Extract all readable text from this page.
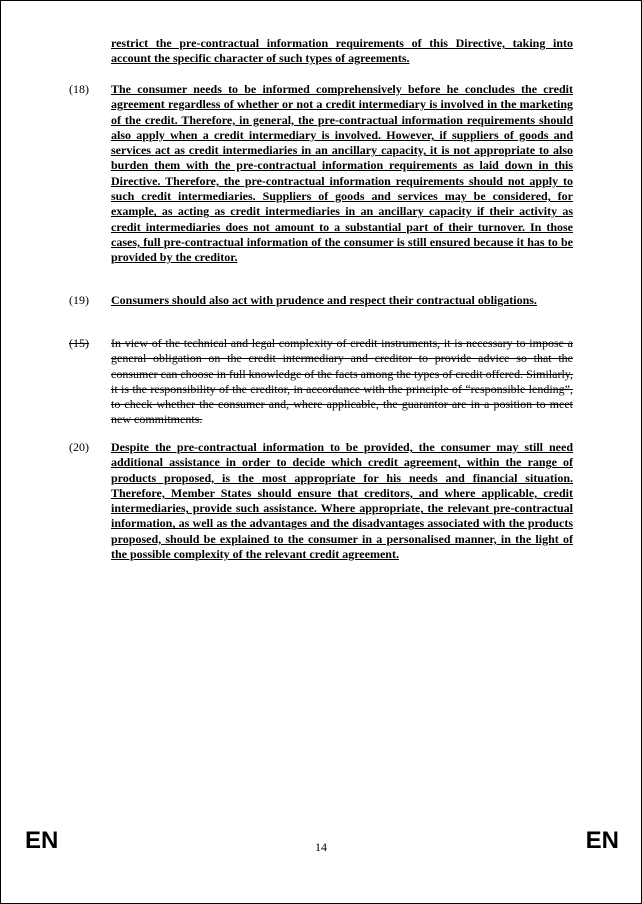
restrict the pre-contractual information requirements of this Directive, taking into account the specific character of such types of agreements.
(18) The consumer needs to be informed comprehensively before he concludes the credit agreement regardless of whether or not a credit intermediary is involved in the marketing of the credit. Therefore, in general, the pre-contractual information requirements should also apply when a credit intermediary is involved. However, if suppliers of goods and services act as credit intermediaries in an ancillary capacity, it is not appropriate to also burden them with the pre-contractual information requirements as laid down in this Directive. Therefore, the pre-contractual information requirements should not apply to such credit intermediaries. Suppliers of goods and services may be considered, for example, as acting as credit intermediaries in an ancillary capacity if their activity as credit intermediaries does not amount to a substantial part of their turnover. In those cases, full pre-contractual information of the consumer is still ensured because it has to be provided by the creditor.
(19) Consumers should also act with prudence and respect their contractual obligations.
(15) In view of the technical and legal complexity of credit instruments, it is necessary to impose a general obligation on the credit intermediary and creditor to provide advice so that the consumer can choose in full knowledge of the facts among the types of credit offered. Similarly, it is the responsibility of the creditor, in accordance with the principle of “responsible lending”, to check whether the consumer and, where applicable, the guarantor are in a position to meet new commitments.
(20) Despite the pre-contractual information to be provided, the consumer may still need additional assistance in order to decide which credit agreement, within the range of products proposed, is the most appropriate for his needs and financial situation. Therefore, Member States should ensure that creditors, and where applicable, credit intermediaries, provide such assistance. Where appropriate, the relevant pre-contractual information, as well as the advantages and the disadvantages associated with the products proposed, should be explained to the consumer in a personalised manner, in the light of the possible complexity of the relevant credit agreement.
EN	14	EN
